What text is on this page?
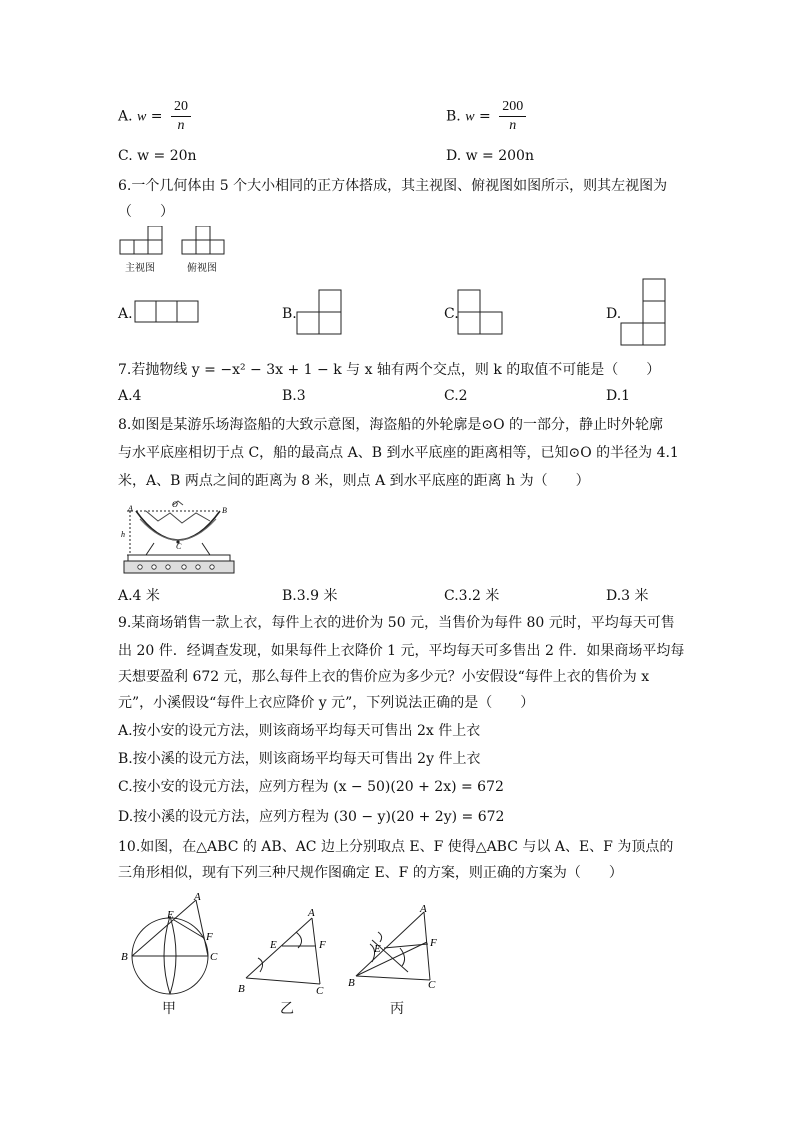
A. $w = \frac{20}{n}$	B. $w = \frac{200}{n}$
C. w = 20n	D. w = 200n
6.一个几何体由 5 个大小相同的正方体搭成，其主视图、俯视图如图所示，则其左视图为
（　　）
主视图	俯视图
A.	B.	C.	D.
7.若抛物线 y = −x² − 3x + 1 − k 与 x 轴有两个交点，则 k 的取值不可能是（　　）
A.4	B.3	C.2	D.1
8.如图是某游乐场海盗船的大致示意图，海盗船的外轮廓是⊙O 的一部分，静止时外轮廓
与水平底座相切于点 C，船的最高点 A、B 到水平底座的距离相等，已知⊙O 的半径为 4.1
米，A、B 两点之间的距离为 8 米，则点 A 到水平底座的距离 h 为（　　）
O
A	B
C
h
A.4 米	B.3.9 米	C.3.2 米	D.3 米
9.某商场销售一款上衣，每件上衣的进价为 50 元，当售价为每件 80 元时，平均每天可售
出 20 件．经调查发现，如果每件上衣降价 1 元，平均每天可多售出 2 件．如果商场平均每
天想要盈利 672 元，那么每件上衣的售价应为多少元？小安假设“每件上衣的售价为 x
元”，小溪假设“每件上衣应降价 y 元”，下列说法正确的是（　　）
A.按小安的设元方法，则该商场平均每天可售出 2x 件上衣
B.按小溪的设元方法，则该商场平均每天可售出 2y 件上衣
C.按小安的设元方法，应列方程为 (x − 50)(20 + 2x) = 672
D.按小溪的设元方法，应列方程为 (30 − y)(20 + 2y) = 672
10.如图，在△ABC 的 AB、AC 边上分别取点 E、F 使得△ABC 与以 A、E、F 为顶点的
三角形相似，现有下列三种尺规作图确定 E、F 的方案，则正确的方案为（　　）
B	C
A
E
F
甲
B	C
A
E	F
乙
B	C
A
E	F
丙
